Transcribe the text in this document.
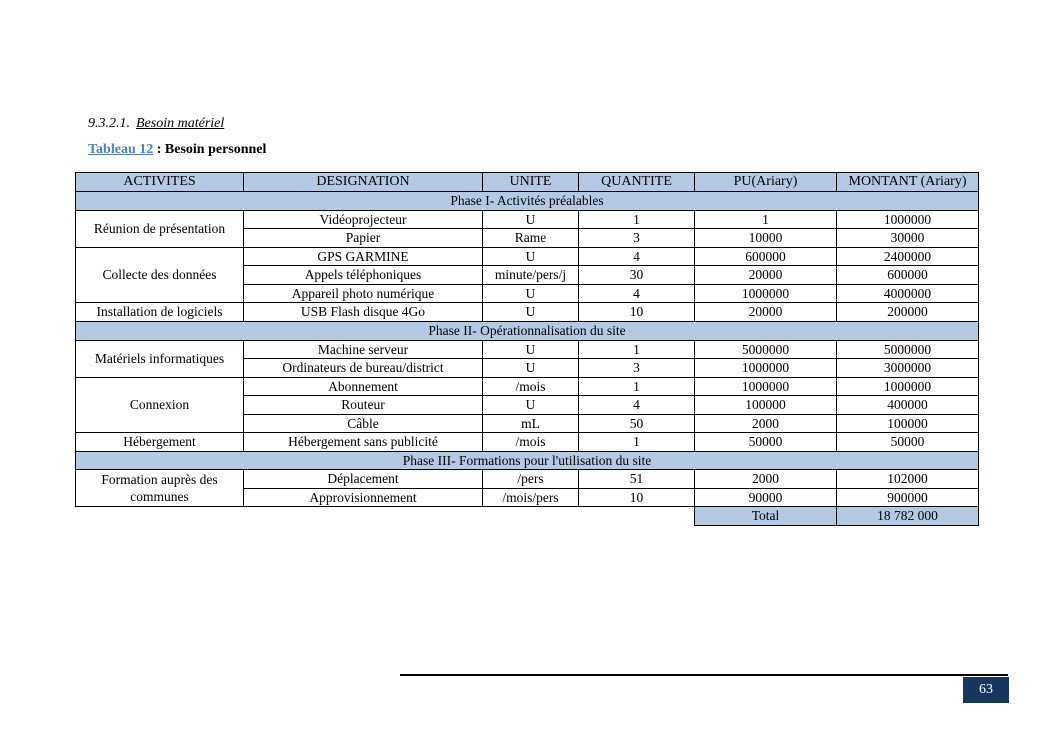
9.3.2.1. Besoin matériel
Tableau 12 : Besoin personnel
ACTIVITES	DESIGNATION	UNITE	QUANTITE	PU(Ariary)	MONTANT (Ariary)
Phase I- Activités préalables					
Réunion de présentation	Vidéoprojecteur	U	1	1	1000000
	Papier	Rame	3	10000	30000
Collecte des données	GPS GARMINE	U	4	600000	2400000
	Appels téléphoniques	minute/pers/j	30	20000	600000
	Appareil photo numérique	U	4	1000000	4000000
Installation de logiciels	USB Flash disque 4Go	U	10	20000	200000
Phase II- Opérationnalisation du site					
Matériels informatiques	Machine serveur	U	1	5000000	5000000
	Ordinateurs de bureau/district	U	3	1000000	3000000
Connexion	Abonnement	/mois	1	1000000	1000000
	Routeur	U	4	100000	400000
	Câble	mL	50	2000	100000
Hébergement	Hébergement sans publicité	/mois	1	50000	50000
Phase III- Formations pour l'utilisation du site					
Formation auprès des communes	Déplacement	/pers	51	2000	102000
	Approvisionnement	/mois/pers	10	90000	900000
				Total	18 782 000
63
